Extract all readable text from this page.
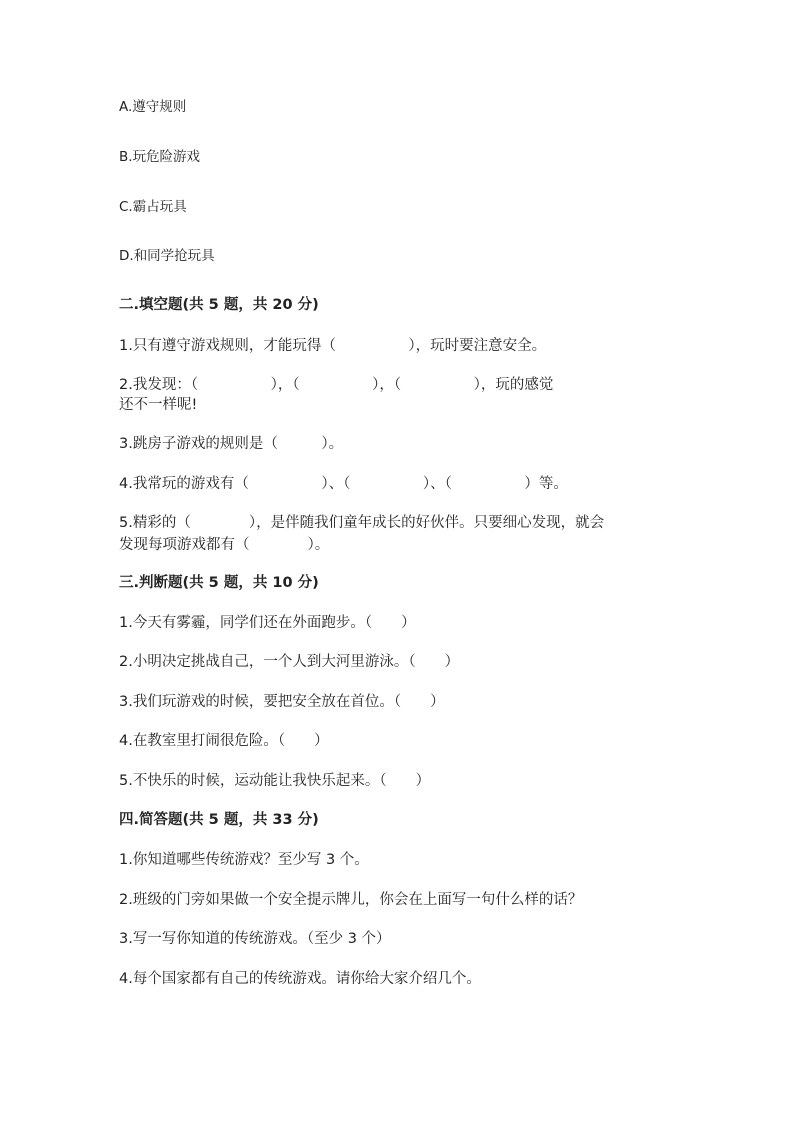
A.遵守规则
B.玩危险游戏
C.霸占玩具
D.和同学抢玩具
二.填空题(共 5 题，共 20 分)
1.只有遵守游戏规则，才能玩得（　　　　　），玩时要注意安全。
2.我发现：（　　　　　），（　　　　　），（　　　　　），玩的感觉
还不一样呢!
3.跳房子游戏的规则是（　　　）。
4.我常玩的游戏有（　　　　　）、（　　　　　）、（　　　　　）等。
5.精彩的（　　　　），是伴随我们童年成长的好伙伴。只要细心发现，就会
发现每项游戏都有（　　　　）。
三.判断题(共 5 题，共 10 分)
1.今天有雾霾，同学们还在外面跑步。（　　）
2.小明决定挑战自己，一个人到大河里游泳。（　　）
3.我们玩游戏的时候，要把安全放在首位。（　　）
4.在教室里打闹很危险。（　　）
5.不快乐的时候，运动能让我快乐起来。（　　）
四.简答题(共 5 题，共 33 分)
1.你知道哪些传统游戏？至少写 3 个。
2.班级的门旁如果做一个安全提示牌儿，你会在上面写一句什么样的话？
3.写一写你知道的传统游戏。（至少 3 个）
4.每个国家都有自己的传统游戏。请你给大家介绍几个。
